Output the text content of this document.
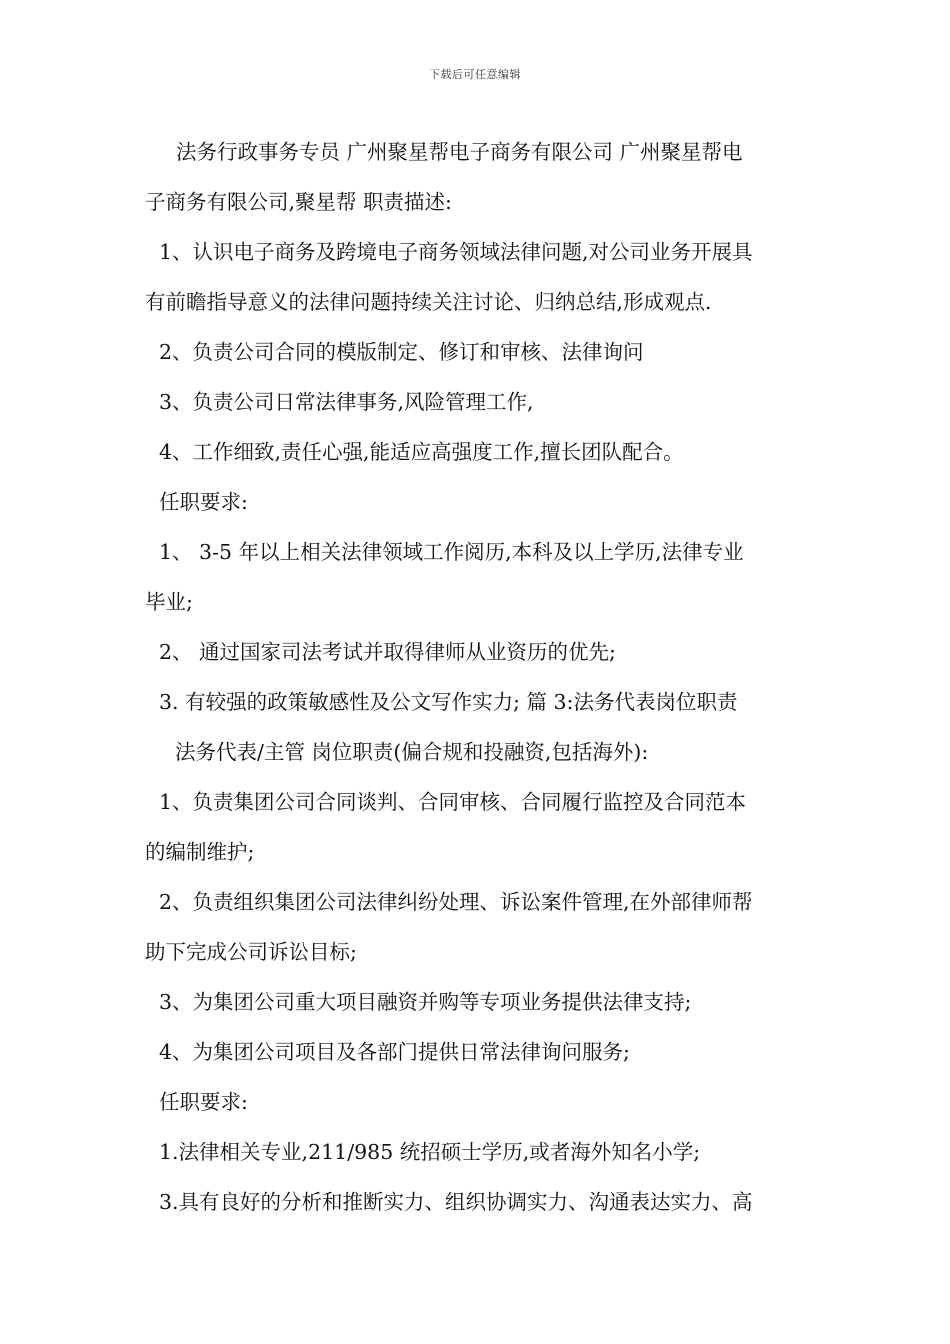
下载后可任意编辑
法务行政事务专员 广州聚星帮电子商务有限公司 广州聚星帮电
子商务有限公司,聚星帮 职责描述:
1、认识电子商务及跨境电子商务领域法律问题,对公司业务开展具
有前瞻指导意义的法律问题持续关注讨论、归纳总结,形成观点.
2、负责公司合同的模版制定、修订和审核、法律询问
3、负责公司日常法律事务,风险管理工作,
4、工作细致,责任心强,能适应高强度工作,擅长团队配合。
任职要求:
1、 3-5 年以上相关法律领域工作阅历,本科及以上学历,法律专业
毕业;
2、 通过国家司法考试并取得律师从业资历的优先;
3. 有较强的政策敏感性及公文写作实力; 篇 3:法务代表岗位职责
法务代表/主管 岗位职责(偏合规和投融资,包括海外):
1、负责集团公司合同谈判、合同审核、合同履行监控及合同范本
的编制维护;
2、负责组织集团公司法律纠纷处理、诉讼案件管理,在外部律师帮
助下完成公司诉讼目标;
3、为集团公司重大项目融资并购等专项业务提供法律支持;
4、为集团公司项目及各部门提供日常法律询问服务;
任职要求:
1.法律相关专业,211/985 统招硕士学历,或者海外知名小学;
3.具有良好的分析和推断实力、组织协调实力、沟通表达实力、高
